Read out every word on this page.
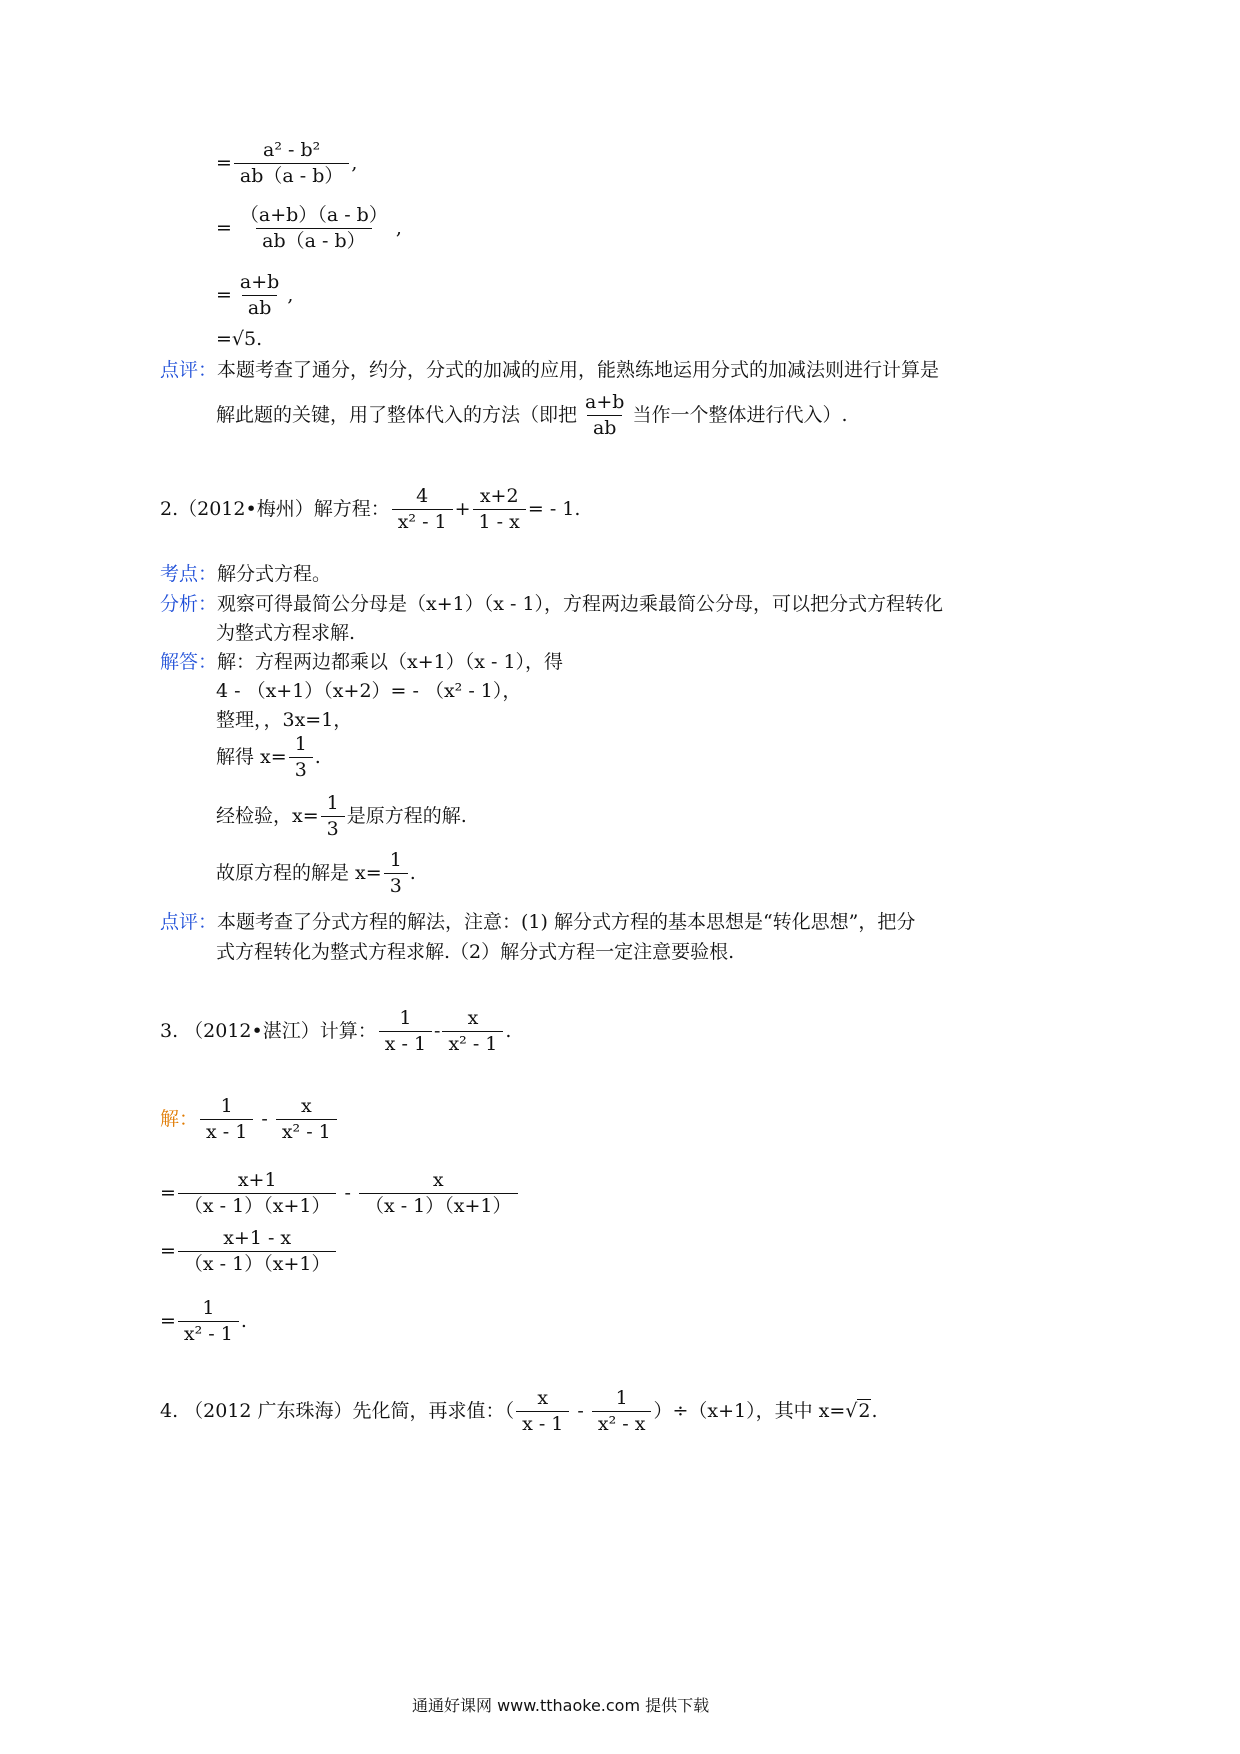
= $\frac{\text{a² - b²}}{ab(a - b)}$ ,
= $\frac{(a+b)(a - b)}{ab(a - b)}$ ,
= $\frac{a+b}{ab}$ ,
=√5.
点评：本题考查了通分，约分，分式的加减的应用，能熟练地运用分式的加减法则进行计算是
解此题的关键，用了整体代入的方法（即把 $\frac{a+b}{ab}$ 当作一个整体进行代入）.
2.（2012•梅州）解方程： $\frac{4}{\text{x² - 1}} + \frac{x+2}{1 - x}$ = - 1.
考点：解分式方程。
分析：观察可得最简公分母是（x+1）（x - 1），方程两边乘最简公分母，可以把分式方程转化
为整式方程求解.
解答：解：方程两边都乘以（x+1）（x - 1），得
4 - （x+1）（x+2）= - （x² - 1），
整理，，3x=1，
解得 $x= \frac{1}{3}$ .
经检验，$x= \frac{1}{3}$ 是原方程的解.
故原方程的解是 $x= \frac{1}{3}$ .
点评：本题考查了分式方程的解法，注意：(1) 解分式方程的基本思想是“转化思想”，把分
式方程转化为整式方程求解.（2）解分式方程一定注意要验根.
3. （2012•湛江）计算： $\frac{1}{x - 1} - \frac{x}{\text{x² - 1}}$ .
解： $\frac{1}{x - 1} - \frac{x}{\text{x² - 1}}$
= $\frac{x+1}{(x - 1)(x+1)} - \frac{x}{(x - 1)(x+1)}$
= $\frac{x+1 - x}{(x - 1)(x+1)}$
= $\frac{1}{\text{x² - 1}}$ .
4. （2012 广东珠海）先化简，再求值：（ $\frac{x}{x - 1} - \frac{1}{\text{x² - x}} )\div(x+1)$，其中 x=√2.
通通好课网 www.tthaoke.com 提供下载
